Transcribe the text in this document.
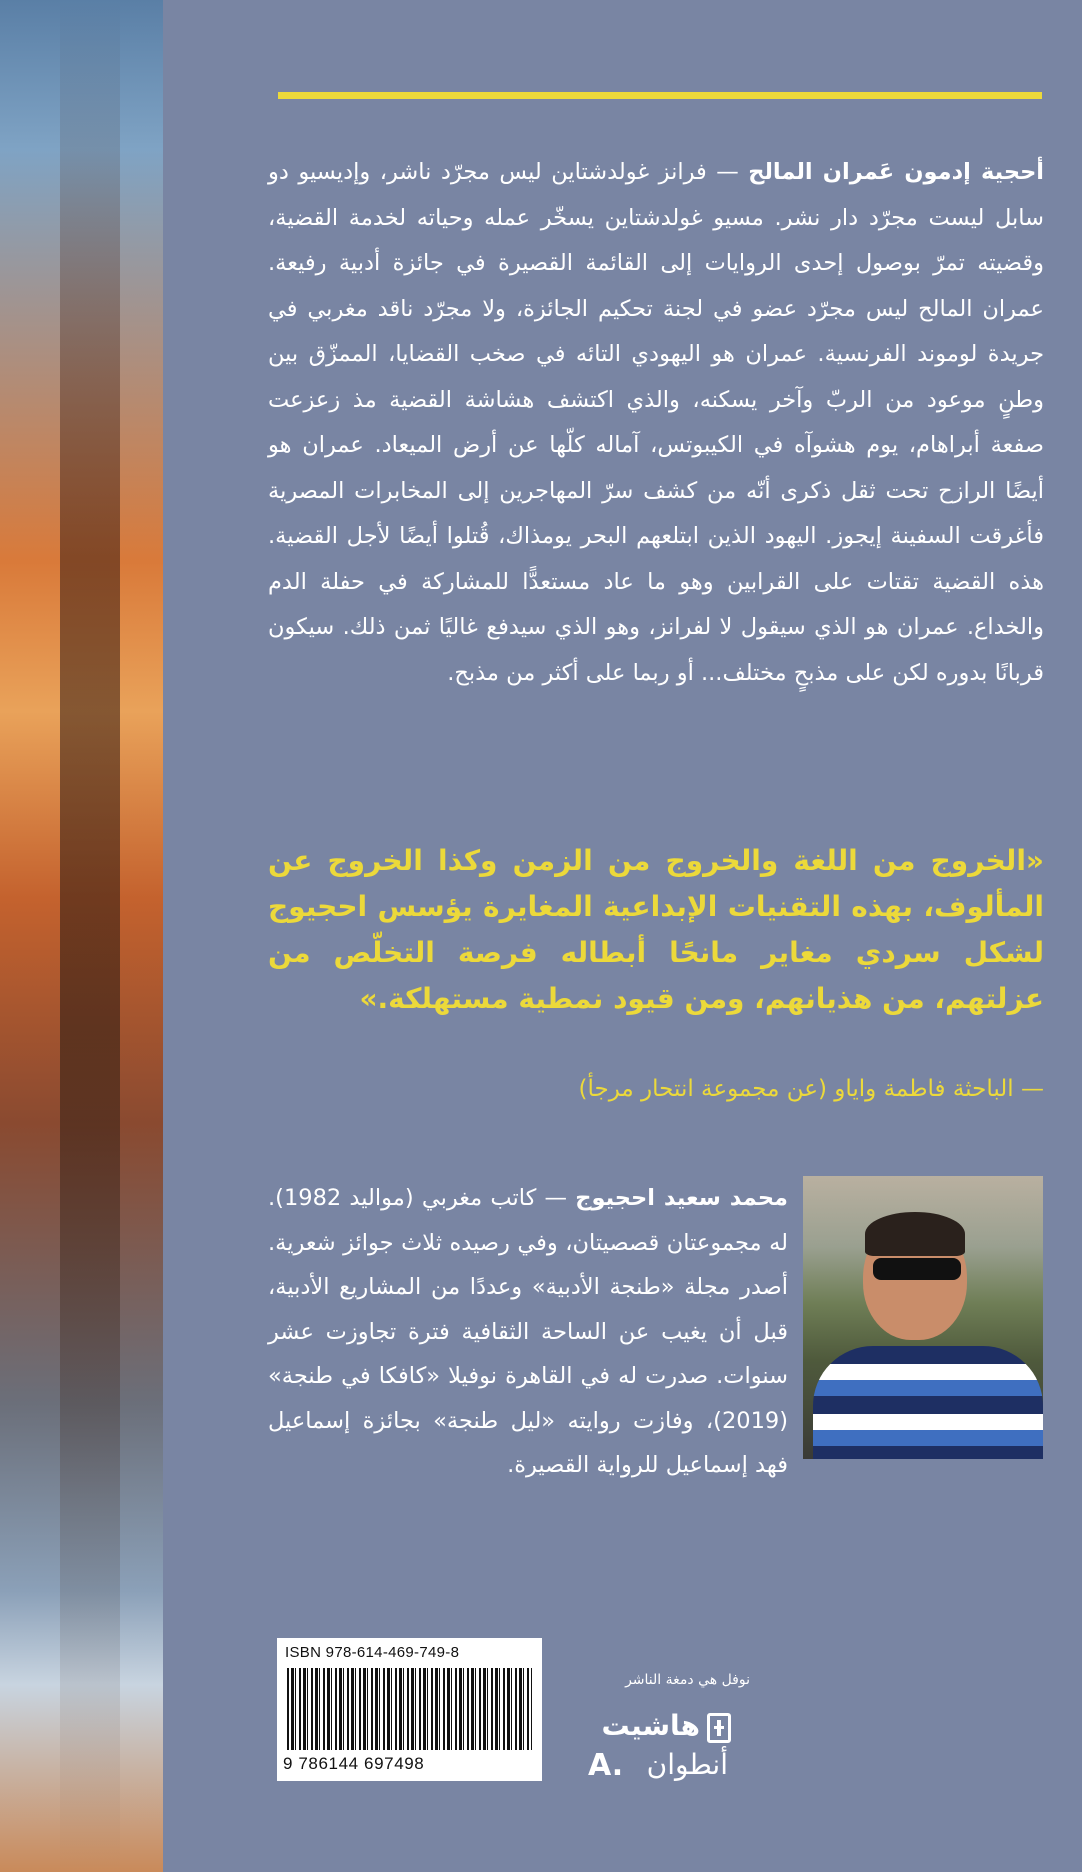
أحجية إدمون عَمران المالح — فرانز غولدشتاين ليس مجرّد ناشر، وإديسيو دو سابل ليست مجرّد دار نشر. مسيو غولدشتاين يسخّر عمله وحياته لخدمة القضية، وقضيته تمرّ بوصول إحدى الروايات إلى القائمة القصيرة في جائزة أدبية رفيعة. عمران المالح ليس مجرّد عضو في لجنة تحكيم الجائزة، ولا مجرّد ناقد مغربي في جريدة لوموند الفرنسية. عمران هو اليهودي التائه في صخب القضايا، الممزّق بين وطنٍ موعود من الربّ وآخر يسكنه، والذي اكتشف هشاشة القضية مذ زعزعت صفعة أبراهام، يوم هشوآه في الكيبوتس، آماله كلّها عن أرض الميعاد. عمران هو أيضًا الرازح تحت ثقل ذكرى أنّه من كشف سرّ المهاجرين إلى المخابرات المصرية فأغرقت السفينة إيجوز. اليهود الذين ابتلعهم البحر يومذاك، قُتلوا أيضًا لأجل القضية. هذه القضية تقتات على القرابين وهو ما عاد مستعدًّا للمشاركة في حفلة الدم والخداع. عمران هو الذي سيقول لا لفرانز، وهو الذي سيدفع غاليًا ثمن ذلك. سيكون قربانًا بدوره لكن على مذبحٍ مختلف... أو ربما على أكثر من مذبح.
«الخروج من اللغة والخروج من الزمن وكذا الخروج عن المألوف، بهذه التقنيات الإبداعية المغايرة يؤسس احجيوج لشكل سردي مغاير مانحًا أبطاله فرصة التخلّص من عزلتهم، من هذيانهم، ومن قيود نمطية مستهلكة.»
— الباحثة فاطمة واياو (عن مجموعة انتحار مرجأ)
محمد سعيد احجيوج — كاتب مغربي (مواليد 1982). له مجموعتان قصصيتان، وفي رصيده ثلاث جوائز شعرية. أصدر مجلة «طنجة الأدبية» وعددًا من المشاريع الأدبية، قبل أن يغيب عن الساحة الثقافية فترة تجاوزت عشر سنوات. صدرت له في القاهرة نوفيلا «كافكا في طنجة» (2019)، وفازت روايته «ليل طنجة» بجائزة إسماعيل فهد إسماعيل للرواية القصيرة.
ISBN 978-614-469-749-8
9 786144 697498
نوفل هي دمغة الناشر
هاشيت
A. أنطوان
